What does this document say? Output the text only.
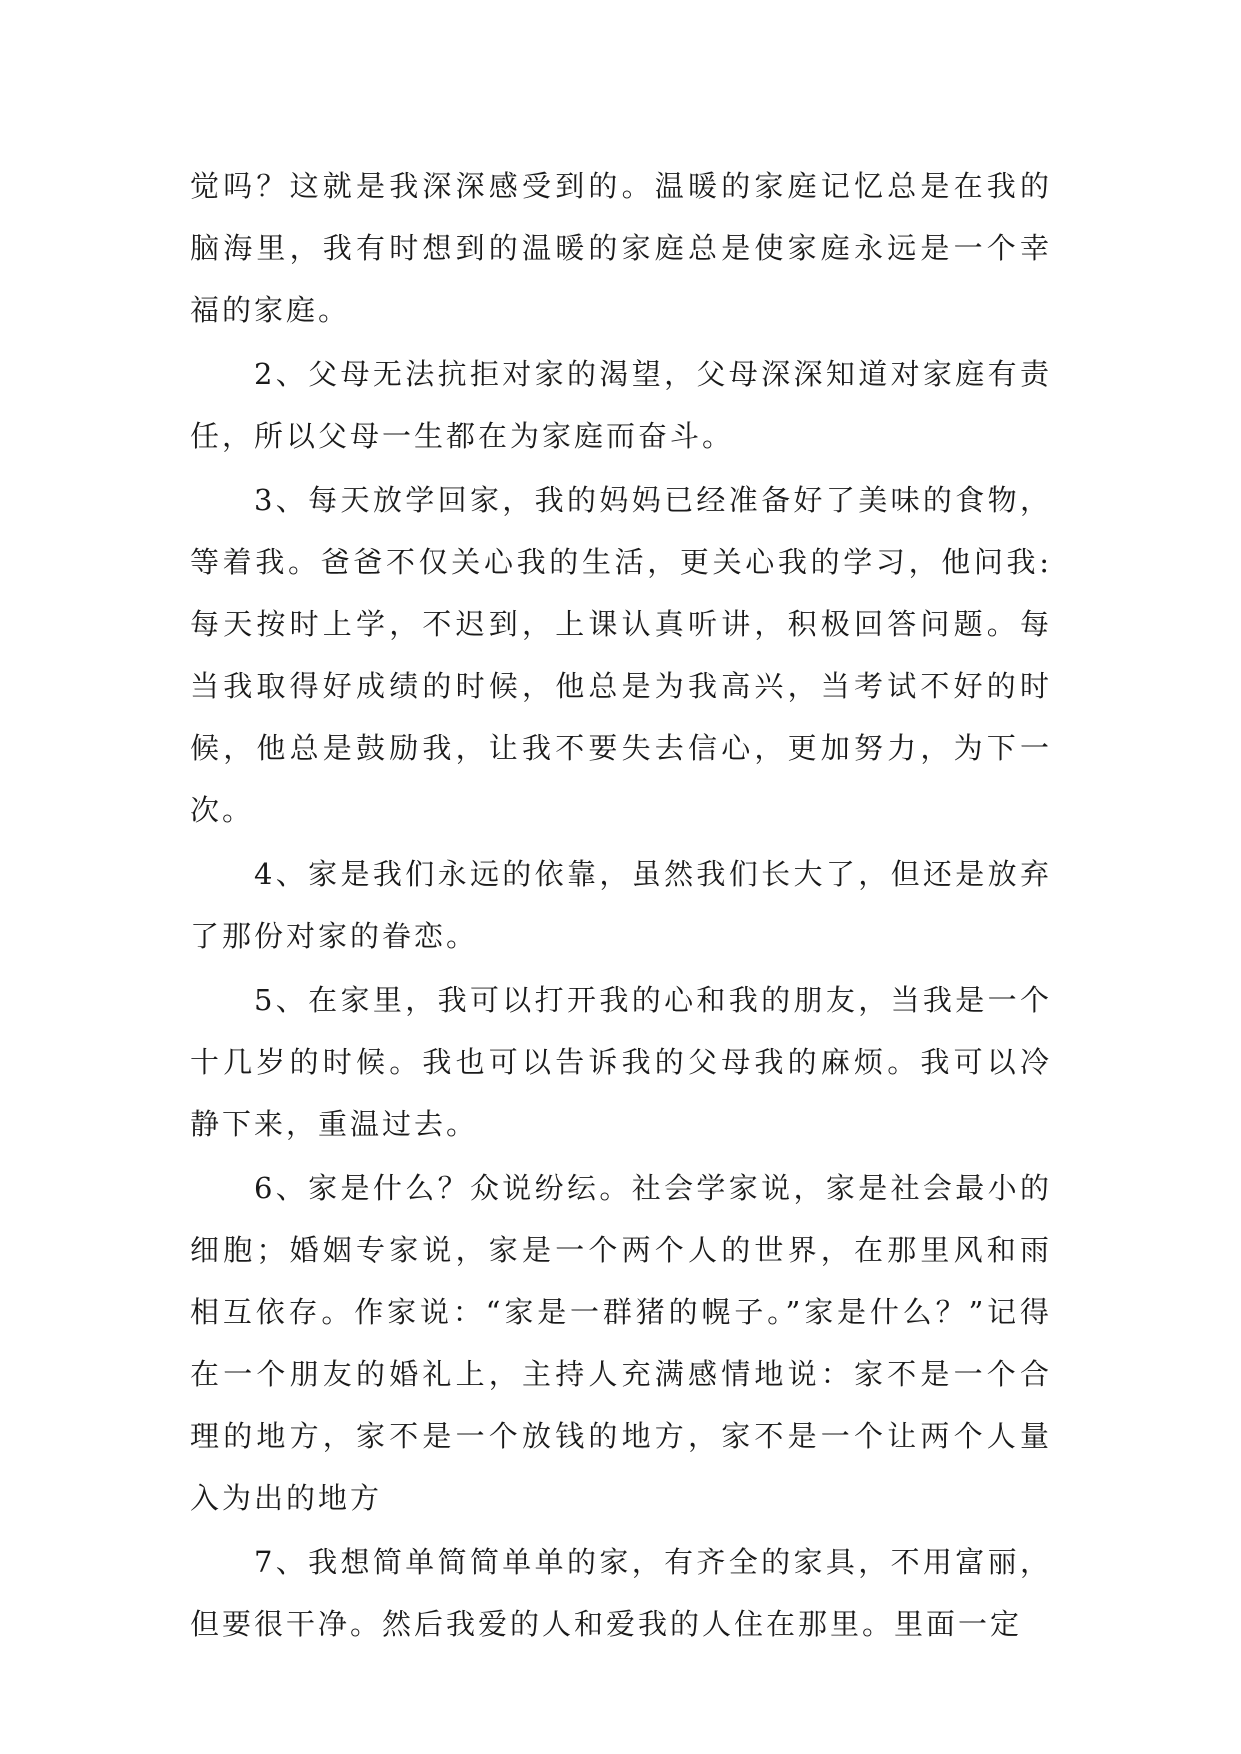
觉吗？这就是我深深感受到的。温暖的家庭记忆总是在我的脑海里，我有时想到的温暖的家庭总是使家庭永远是一个幸福的家庭。

2、父母无法抗拒对家的渴望，父母深深知道对家庭有责任，所以父母一生都在为家庭而奋斗。

3、每天放学回家，我的妈妈已经准备好了美味的食物，等着我。爸爸不仅关心我的生活，更关心我的学习，他问我:每天按时上学，不迟到，上课认真听讲，积极回答问题。每当我取得好成绩的时候，他总是为我高兴，当考试不好的时候，他总是鼓励我，让我不要失去信心，更加努力，为下一次。

4、家是我们永远的依靠，虽然我们长大了，但还是放弃了那份对家的眷恋。

5、在家里，我可以打开我的心和我的朋友，当我是一个十几岁的时候。我也可以告诉我的父母我的麻烦。我可以冷静下来，重温过去。

6、家是什么？众说纷纭。社会学家说，家是社会最小的细胞；婚姻专家说，家是一个两个人的世界，在那里风和雨相互依存。作家说：“家是一群猪的幌子。”家是什么？”记得在一个朋友的婚礼上，主持人充满感情地说：家不是一个合理的地方，家不是一个放钱的地方，家不是一个让两个人量入为出的地方

7、我想简单简简单单的家，有齐全的家具，不用富丽，但要很干净。然后我爱的人和爱我的人住在那里。里面一定
